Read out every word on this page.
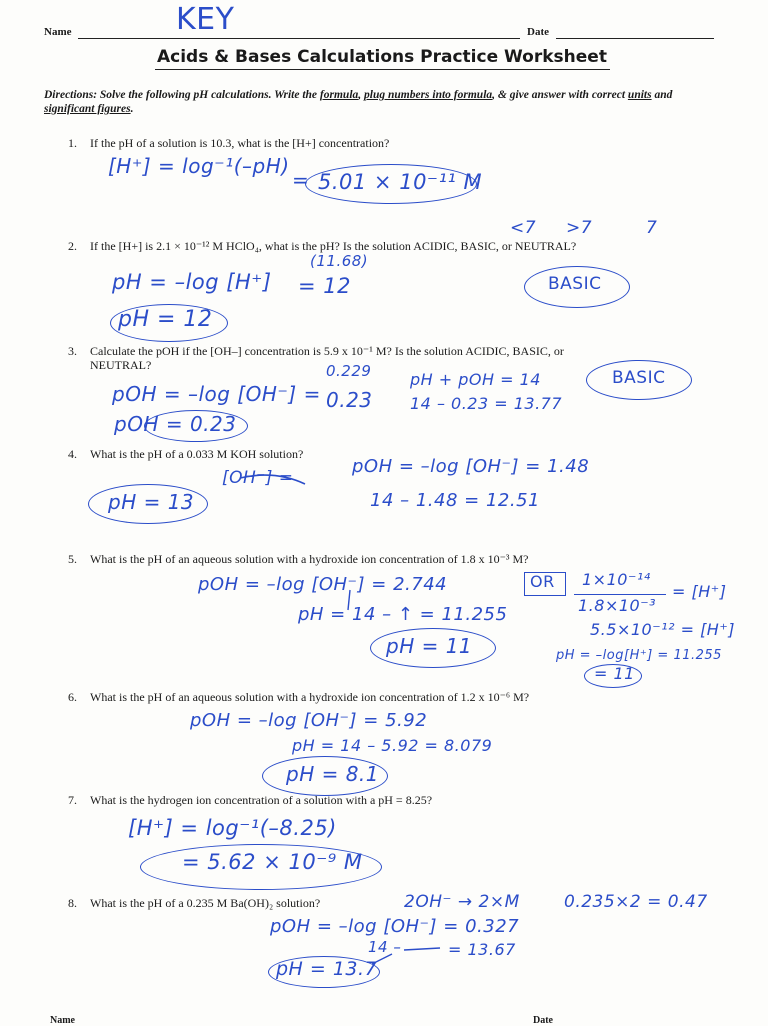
Name	KEY	Date
Acids & Bases Calculations Practice Worksheet
Directions: Solve the following pH calculations. Write the formula, plug numbers into formula, & give answer with correct units and significant figures.
1. If the pH of a solution is 10.3, what is the [H+] concentration?
[H⁺] = log⁻¹(–pH)
= 5.01 × 10⁻¹¹ M
<7 >7	7
2. If the [H+] is 2.1 × 10⁻¹² M HClO₄, what is the pH? Is the solution ACIDIC, BASIC, or NEUTRAL?
(11.68)
pH = –log [H⁺] = 12	BASIC
pH = 12
3. Calculate the pOH if the [OH–] concentration is 5.9 x 10⁻¹ M? Is the solution ACIDIC, BASIC, or
NEUTRAL?	0.229
pOH = –log [OH⁻] = 0.23
pH + pOH = 14
14 – 0.23 = 13.77
BASIC
pOH = 0.23
4. What is the pH of a 0.033 M KOH solution?
[OH⁻] =
pOH = –log [OH⁻] = 1.48
14 – 1.48 = 12.51
pH = 13
5. What is the pH of an aqueous solution with a hydroxide ion concentration of 1.8 x 10⁻³ M?
pOH = –log [OH⁻] = 2.744
pH = 14 – ↑ = 11.255
pH = 11
OR 1×10⁻¹⁴
1.8×10⁻³
= [H⁺]
5.5×10⁻¹² = [H⁺]
pH = –log[H⁺] = 11.255
= 11
6. What is the pH of an aqueous solution with a hydroxide ion concentration of 1.2 x 10⁻⁶ M?
pOH = –log [OH⁻] = 5.92
pH = 14 – 5.92 = 8.079
pH = 8.1
7. What is the hydrogen ion concentration of a solution with a pH = 8.25?
[H⁺] = log⁻¹(–8.25)
= 5.62 × 10⁻⁹ M
8. What is the pH of a 0.235 M Ba(OH)₂ solution?	2OH⁻ → 2×M	0.235×2 = 0.47
pOH = –log [OH⁻] = 0.327
14 –	= 13.67
pH = 13.7
Name	Date
